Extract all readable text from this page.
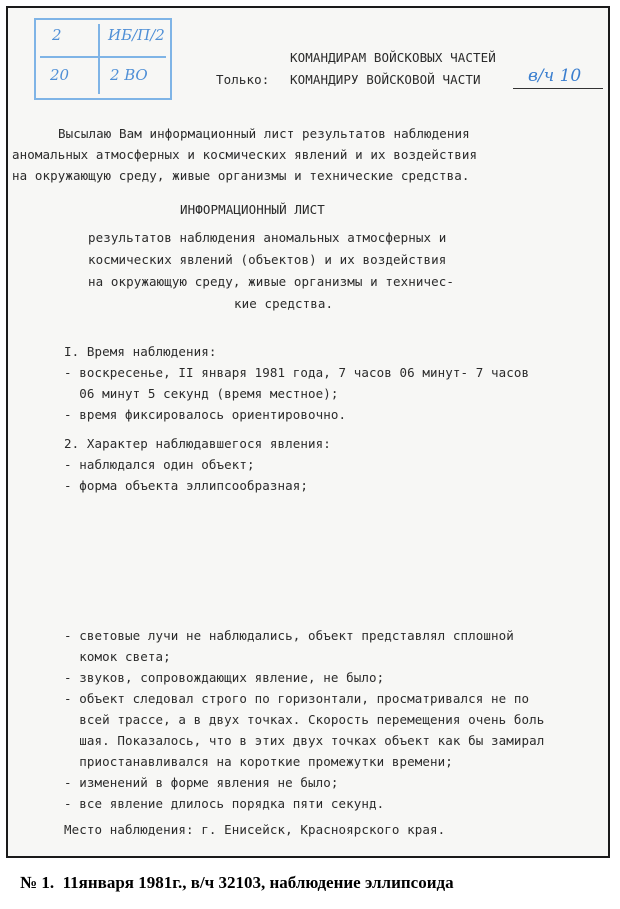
2	ИБ/П/2
20	2 ВО
КОМАНДИРАМ ВОЙСКОВЫХ ЧАСТЕЙ
Только: КОМАНДИРУ ВОЙСКОВОЙ ЧАСТИ	в/ч 10
Высылаю Вам информационный лист результатов наблюдения
аномальных атмосферных и космических явлений и их воздействия
на окружающую среду, живые организмы и технические средства.
ИНФОРМАЦИОННЫЙ ЛИСТ
результатов наблюдения аномальных атмосферных и
космических явлений (объектов) и их воздействия
на окружающую среду, живые организмы и техничес-
кие средства.
I. Время наблюдения:
- воскресенье, II января 1981 года, 7 часов 06 минут- 7 часов
06 минут 5 секунд (время местное);
- время фиксировалось ориентировочно.
2. Характер наблюдавшегося явления:
- наблюдался один объект;
- форма объекта эллипсообразная;
- световые лучи не наблюдались, объект представлял сплошной
комок света;
- звуков, сопровождающих явление, не было;
- объект следовал строго по горизонтали, просматривался не по
всей трассе, а в двух точках. Скорость перемещения очень боль
шая. Показалось, что в этих двух точках объект как бы замирал
приостанавливался на короткие промежутки времени;
- изменений в форме явления не было;
- все явление длилось порядка пяти секунд.
Место наблюдения: г. Енисейск, Красноярского края.
№ 1.  11января 1981г., в/ч 32103, наблюдение эллипсоида
